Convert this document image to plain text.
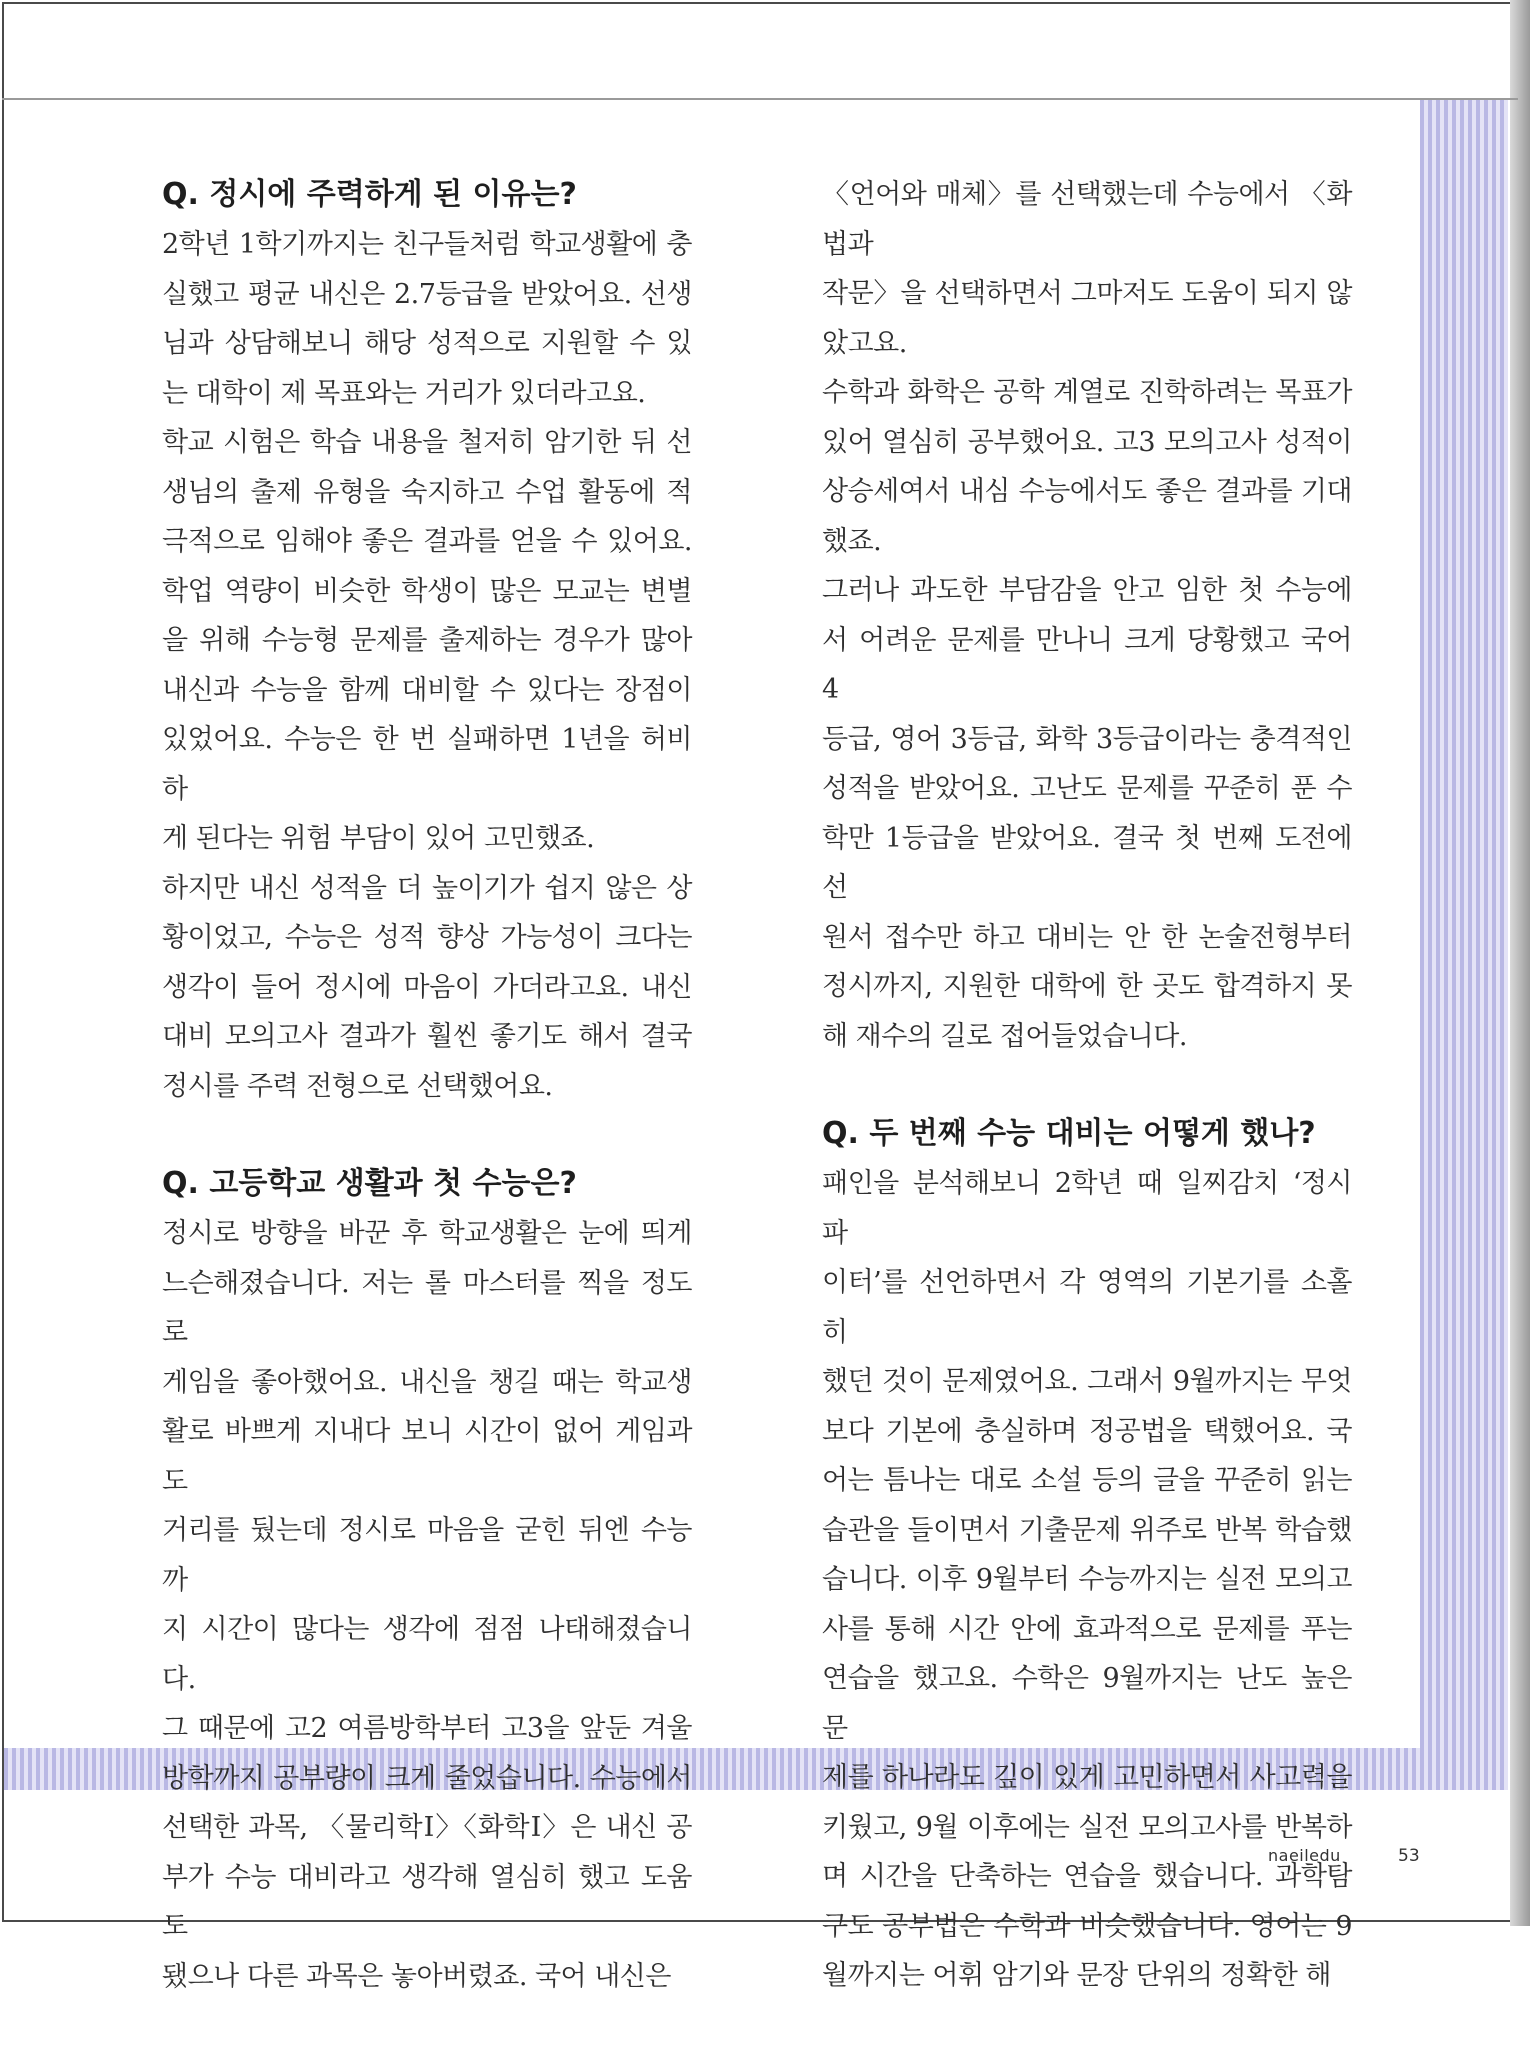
Q. 정시에 주력하게 된 이유는?
2학년 1학기까지는 친구들처럼 학교생활에 충
실했고 평균 내신은 2.7등급을 받았어요. 선생
님과 상담해보니 해당 성적으로 지원할 수 있
는 대학이 제 목표와는 거리가 있더라고요.
학교 시험은 학습 내용을 철저히 암기한 뒤 선
생님의 출제 유형을 숙지하고 수업 활동에 적
극적으로 임해야 좋은 결과를 얻을 수 있어요.
학업 역량이 비슷한 학생이 많은 모교는 변별
을 위해 수능형 문제를 출제하는 경우가 많아
내신과 수능을 함께 대비할 수 있다는 장점이
있었어요. 수능은 한 번 실패하면 1년을 허비하
게 된다는 위험 부담이 있어 고민했죠.
하지만 내신 성적을 더 높이기가 쉽지 않은 상
황이었고, 수능은 성적 향상 가능성이 크다는
생각이 들어 정시에 마음이 가더라고요. 내신
대비 모의고사 결과가 훨씬 좋기도 해서 결국
정시를 주력 전형으로 선택했어요.
Q. 고등학교 생활과 첫 수능은?
정시로 방향을 바꾼 후 학교생활은 눈에 띄게
느슨해졌습니다. 저는 롤 마스터를 찍을 정도로
게임을 좋아했어요. 내신을 챙길 때는 학교생
활로 바쁘게 지내다 보니 시간이 없어 게임과도
거리를 뒀는데 정시로 마음을 굳힌 뒤엔 수능까
지 시간이 많다는 생각에 점점 나태해졌습니다.
그 때문에 고2 여름방학부터 고3을 앞둔 겨울
방학까지 공부량이 크게 줄었습니다. 수능에서
선택한 과목, 〈물리학Ⅰ〉〈화학Ⅰ〉은 내신 공
부가 수능 대비라고 생각해 열심히 했고 도움도
됐으나 다른 과목은 놓아버렸죠. 국어 내신은
〈언어와 매체〉를 선택했는데 수능에서 〈화법과
작문〉을 선택하면서 그마저도 도움이 되지 않
았고요.
수학과 화학은 공학 계열로 진학하려는 목표가
있어 열심히 공부했어요. 고3 모의고사 성적이
상승세여서 내심 수능에서도 좋은 결과를 기대
했죠.
그러나 과도한 부담감을 안고 임한 첫 수능에
서 어려운 문제를 만나니 크게 당황했고 국어 4
등급, 영어 3등급, 화학 3등급이라는 충격적인
성적을 받았어요. 고난도 문제를 꾸준히 푼 수
학만 1등급을 받았어요. 결국 첫 번째 도전에선
원서 접수만 하고 대비는 안 한 논술전형부터
정시까지, 지원한 대학에 한 곳도 합격하지 못
해 재수의 길로 접어들었습니다.
Q. 두 번째 수능 대비는 어떻게 했나?
패인을 분석해보니 2학년 때 일찌감치 ‘정시 파
이터’를 선언하면서 각 영역의 기본기를 소홀히
했던 것이 문제였어요. 그래서 9월까지는 무엇
보다 기본에 충실하며 정공법을 택했어요. 국
어는 틈나는 대로 소설 등의 글을 꾸준히 읽는
습관을 들이면서 기출문제 위주로 반복 학습했
습니다. 이후 9월부터 수능까지는 실전 모의고
사를 통해 시간 안에 효과적으로 문제를 푸는
연습을 했고요. 수학은 9월까지는 난도 높은 문
제를 하나라도 깊이 있게 고민하면서 사고력을
키웠고, 9월 이후에는 실전 모의고사를 반복하
며 시간을 단축하는 연습을 했습니다. 과학탐
구도 공부법은 수학과 비슷했습니다. 영어는 9
월까지는 어휘 암기와 문장 단위의 정확한 해
naeiledu	53
